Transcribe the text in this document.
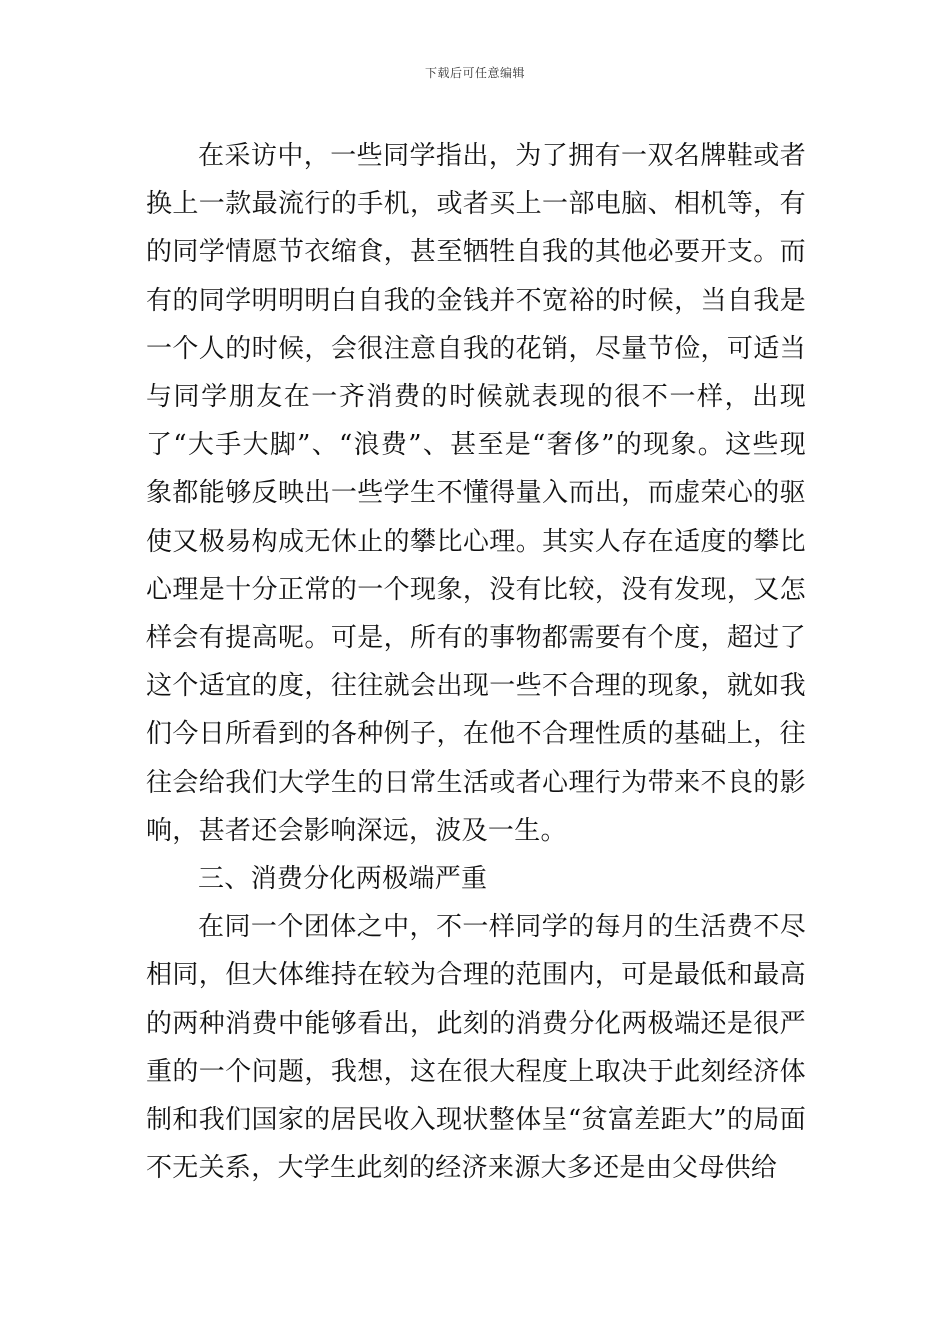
下载后可任意编辑

在采访中，一些同学指出，为了拥有一双名牌鞋或者换上一款最流行的手机，或者买上一部电脑、相机等，有的同学情愿节衣缩食，甚至牺牲自我的其他必要开支。而有的同学明明明白自我的金钱并不宽裕的时候，当自我是一个人的时候，会很注意自我的花销，尽量节俭，可适当与同学朋友在一齐消费的时候就表现的很不一样，出现了“大手大脚”、“浪费”、甚至是“奢侈”的现象。这些现象都能够反映出一些学生不懂得量入而出，而虚荣心的驱使又极易构成无休止的攀比心理。其实人存在适度的攀比心理是十分正常的一个现象，没有比较，没有发现，又怎样会有提高呢。可是，所有的事物都需要有个度，超过了这个适宜的度，往往就会出现一些不合理的现象，就如我们今日所看到的各种例子，在他不合理性质的基础上，往往会给我们大学生的日常生活或者心理行为带来不良的影响，甚者还会影响深远，波及一生。

三、消费分化两极端严重

在同一个团体之中，不一样同学的每月的生活费不尽相同，但大体维持在较为合理的范围内，可是最低和最高的两种消费中能够看出，此刻的消费分化两极端还是很严重的一个问题，我想，这在很大程度上取决于此刻经济体制和我们国家的居民收入现状整体呈“贫富差距大”的局面不无关系，大学生此刻的经济来源大多还是由父母供给
